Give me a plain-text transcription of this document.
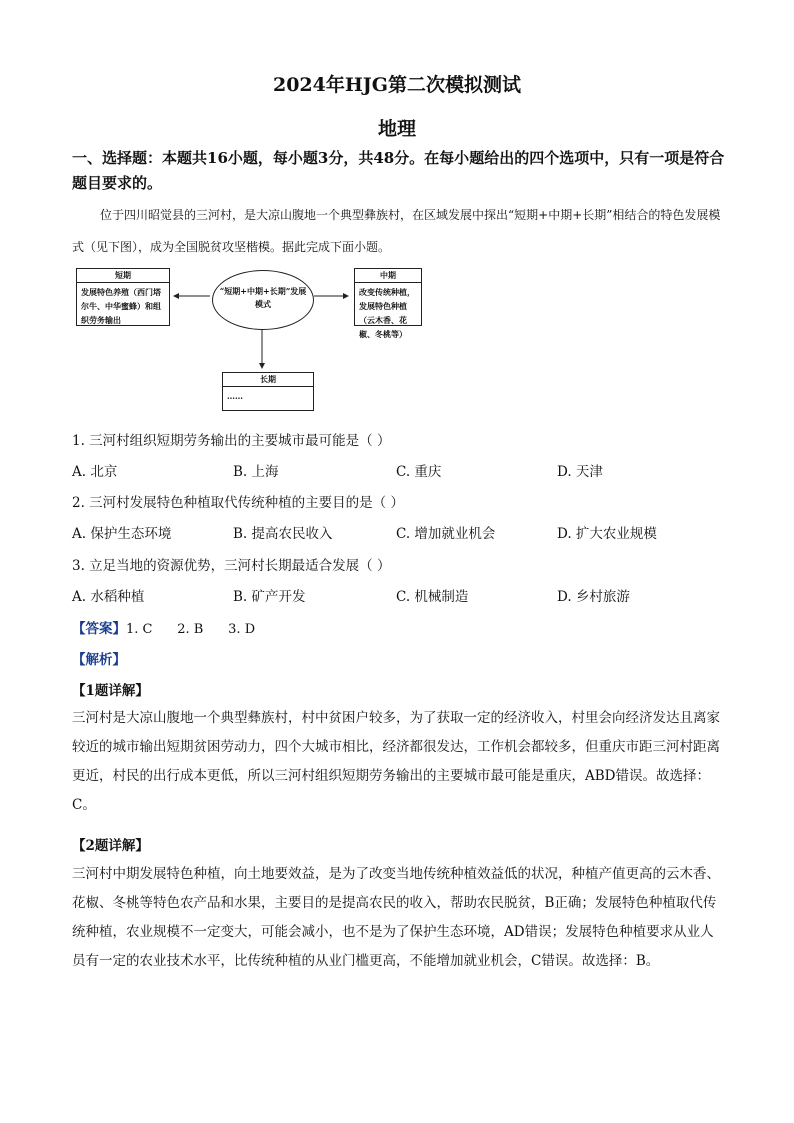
2024年HJG第二次模拟测试
地理
一、选择题：本题共16小题，每小题3分，共48分。在每小题给出的四个选项中，只有一项是符合题目要求的。
位于四川昭觉县的三河村，是大凉山腹地一个典型彝族村，在区域发展中探出“短期+中期+长期”相结合的特色发展模式（见下图），成为全国脱贫攻坚楷模。据此完成下面小题。
短期
发展特色养殖（西门塔尔牛、中华蜜蜂）和组织劳务输出
“短期+中期+长期”发展模式
中期
改变传统种植，发展特色种植（云木香、花椒、冬桃等）
长期
……
1. 三河村组织短期劳务输出的主要城市最可能是（ ）
A. 北京	B. 上海	C. 重庆	D. 天津
2. 三河村发展特色种植取代传统种植的主要目的是（ ）
A. 保护生态环境	B. 提高农民收入	C. 增加就业机会	D. 扩大农业规模
3. 立足当地的资源优势，三河村长期最适合发展（ ）
A. 水稻种植	B. 矿产开发	C. 机械制造	D. 乡村旅游
【答案】1. C      2. B      3. D
【解析】
【1题详解】
三河村是大凉山腹地一个典型彝族村，村中贫困户较多，为了获取一定的经济收入，村里会向经济发达且离家较近的城市输出短期贫困劳动力，四个大城市相比，经济都很发达，工作机会都较多，但重庆市距三河村距离更近，村民的出行成本更低，所以三河村组织短期劳务输出的主要城市最可能是重庆，ABD错误。故选择：C。
【2题详解】
三河村中期发展特色种植，向土地要效益，是为了改变当地传统种植效益低的状况，种植产值更高的云木香、花椒、冬桃等特色农产品和水果，主要目的是提高农民的收入，帮助农民脱贫，B正确；发展特色种植取代传统种植，农业规模不一定变大，可能会减小，也不是为了保护生态环境，AD错误；发展特色种植要求从业人员有一定的农业技术水平，比传统种植的从业门槛更高，不能增加就业机会，C错误。故选择：B。
